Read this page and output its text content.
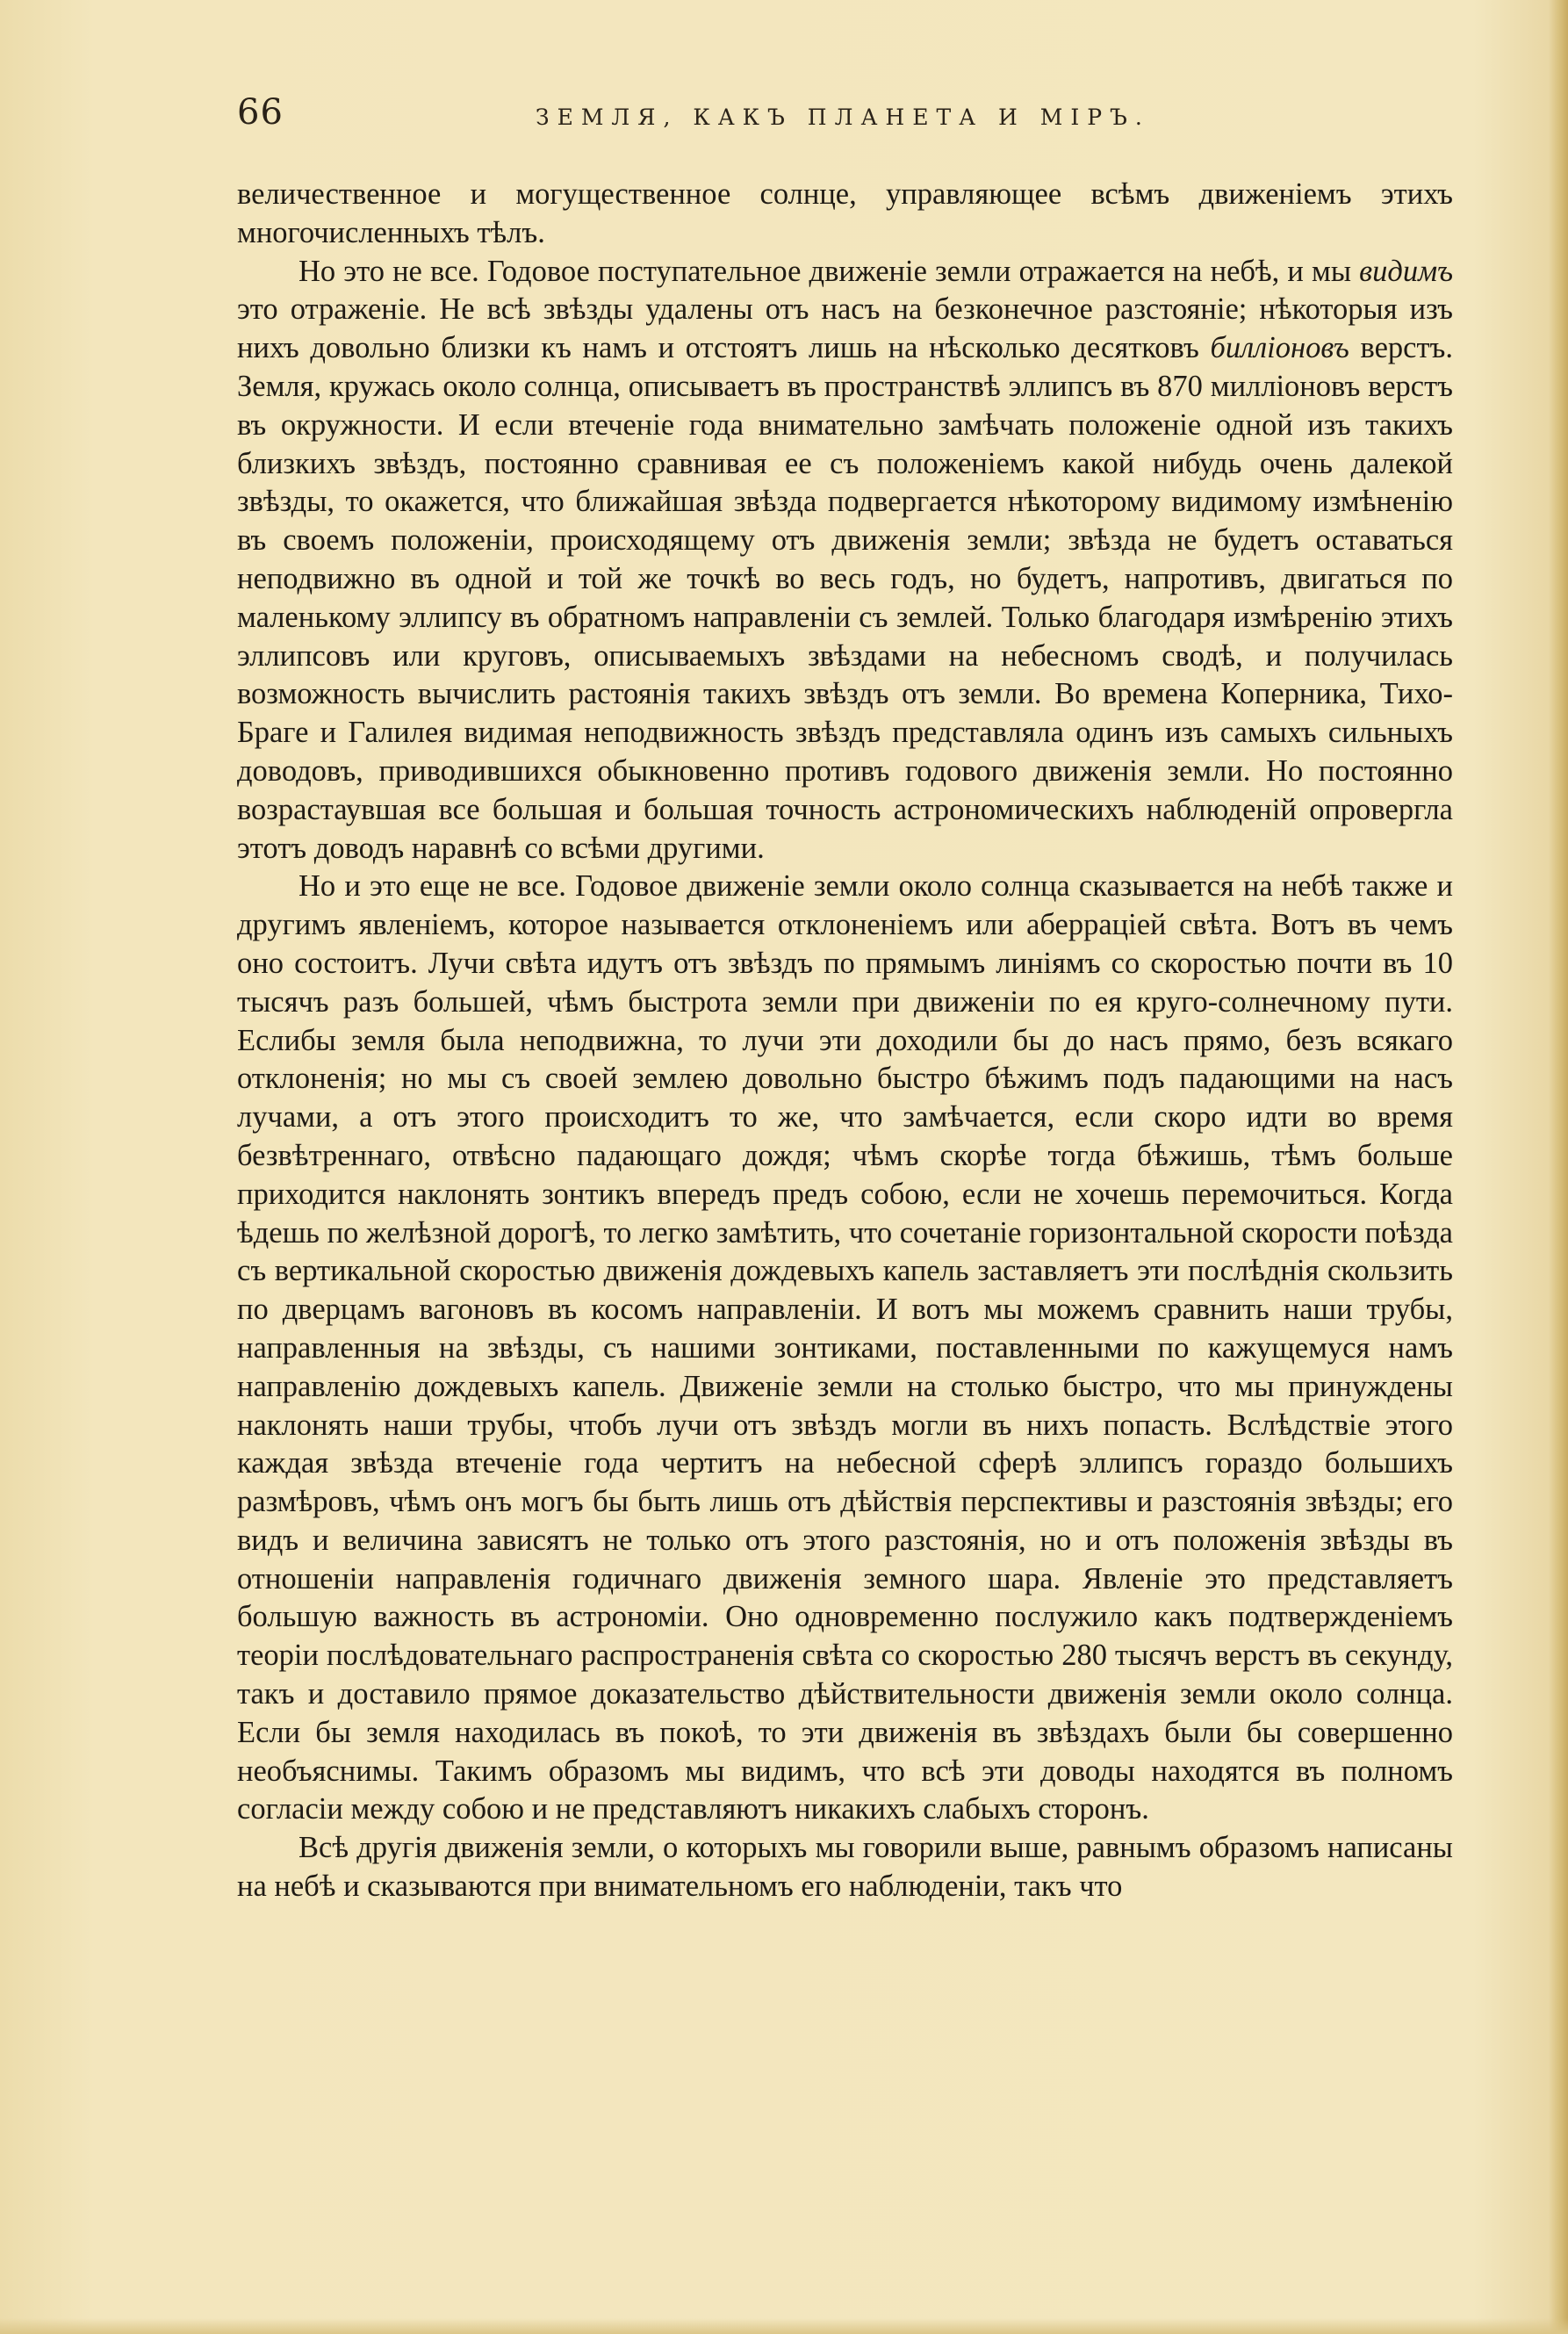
66	ЗЕМЛЯ, КАКЪ ПЛАНЕТА И МIРЪ.

величественное и могущественное солнце, управляющее всѣмъ движенiемъ этихъ многочисленныхъ тѣлъ.

Но это не все. Годовое поступательное движенiе земли отражается на небѣ, и мы видимъ это отраженiе. Не всѣ звѣзды удалены отъ насъ на безконечное разстоянiе; нѣкоторыя изъ нихъ довольно близки къ намъ и отстоятъ лишь на нѣсколько десятковъ биллiоновъ верстъ. Земля, кружась около солнца, описываетъ въ пространствѣ эллипсъ въ 870 миллiоновъ верстъ въ окружности. И если втеченiе года внимательно замѣчать положенiе одной изъ такихъ близкихъ звѣздъ, постоянно сравнивая ее съ положенiемъ какой нибудь очень далекой звѣзды, то окажется, что ближайшая звѣзда подвергается нѣкоторому видимому измѣненiю въ своемъ положенiи, происходящему отъ движенiя земли; звѣзда не будетъ оставаться неподвижно въ одной и той же точкѣ во весь годъ, но будетъ, напротивъ, двигаться по маленькому эллипсу въ обратномъ направленiи съ землей. Только благодаря измѣренiю этихъ эллипсовъ или круговъ, описываемыхъ звѣздами на небесномъ сводѣ, и получилась возможность вычислить растоянiя такихъ звѣздъ отъ земли. Во времена Коперника, Тихо-Браге и Галилея видимая неподвижность звѣздъ представляла одинъ изъ самыхъ сильныхъ доводовъ, приводившихся обыкновенно противъ годового движенiя земли. Но постоянно возрастаувшая все большая и большая точность астрономическихъ наблюденiй опровергла этотъ доводъ наравнѣ со всѣми другими.

Но и это еще не все. Годовое движенiе земли около солнца сказывается на небѣ также и другимъ явленiемъ, которое называется отклоненiемъ или аберрацiей свѣта. Вотъ въ чемъ оно состоитъ. Лучи свѣта идутъ отъ звѣздъ по прямымъ линiямъ со скоростью почти въ 10 тысячъ разъ большей, чѣмъ быстрота земли при движенiи по ея круго-солнечному пути. Еслибы земля была неподвижна, то лучи эти доходили бы до насъ прямо, безъ всякаго отклоненiя; но мы съ своей землею довольно быстро бѣжимъ подъ падающими на насъ лучами, а отъ этого происходитъ то же, что замѣчается, если скоро идти во время безвѣтреннаго, отвѣсно падающаго дождя; чѣмъ скорѣе тогда бѣжишь, тѣмъ больше приходится наклонять зонтикъ впередъ предъ собою, если не хочешь перемочиться. Когда ѣдешь по желѣзной дорогѣ, то легко замѣтить, что сочетанiе горизонтальной скорости поѣзда съ вертикальной скоростью движенiя дождевыхъ капель заставляетъ эти послѣднiя скользить по дверцамъ вагоновъ въ косомъ направленiи. И вотъ мы можемъ сравнить наши трубы, направленныя на звѣзды, съ нашими зонтиками, поставленными по кажущемуся намъ направленiю дождевыхъ капель. Движенiе земли на столько быстро, что мы принуждены наклонять наши трубы, чтобъ лучи отъ звѣздъ могли въ нихъ попасть. Вслѣдствiе этого каждая звѣзда втеченiе года чертитъ на небесной сферѣ эллипсъ гораздо большихъ размѣровъ, чѣмъ онъ могъ бы быть лишь отъ дѣйствiя перспективы и разстоянiя звѣзды; его видъ и величина зависятъ не только отъ этого разстоянiя, но и отъ положенiя звѣзды въ отношенiи направленiя годичнаго движенiя земного шара. Явленiе это представляетъ большую важность въ астрономiи. Оно одновременно послужило какъ подтвержденiемъ теорiи послѣдовательнаго распространенiя свѣта со скоростью 280 тысячъ верстъ въ секунду, такъ и доставило прямое доказательство дѣйствительности движенiя земли около солнца. Если бы земля находилась въ покоѣ, то эти движенiя въ звѣздахъ были бы совершенно необъяснимы. Такимъ образомъ мы видимъ, что всѣ эти доводы находятся въ полномъ согласiи между собою и не представляютъ никакихъ слабыхъ сторонъ.

Всѣ другiя движенiя земли, о которыхъ мы говорили выше, равнымъ образомъ написаны на небѣ и сказываются при внимательномъ его наблюденiи, такъ что
